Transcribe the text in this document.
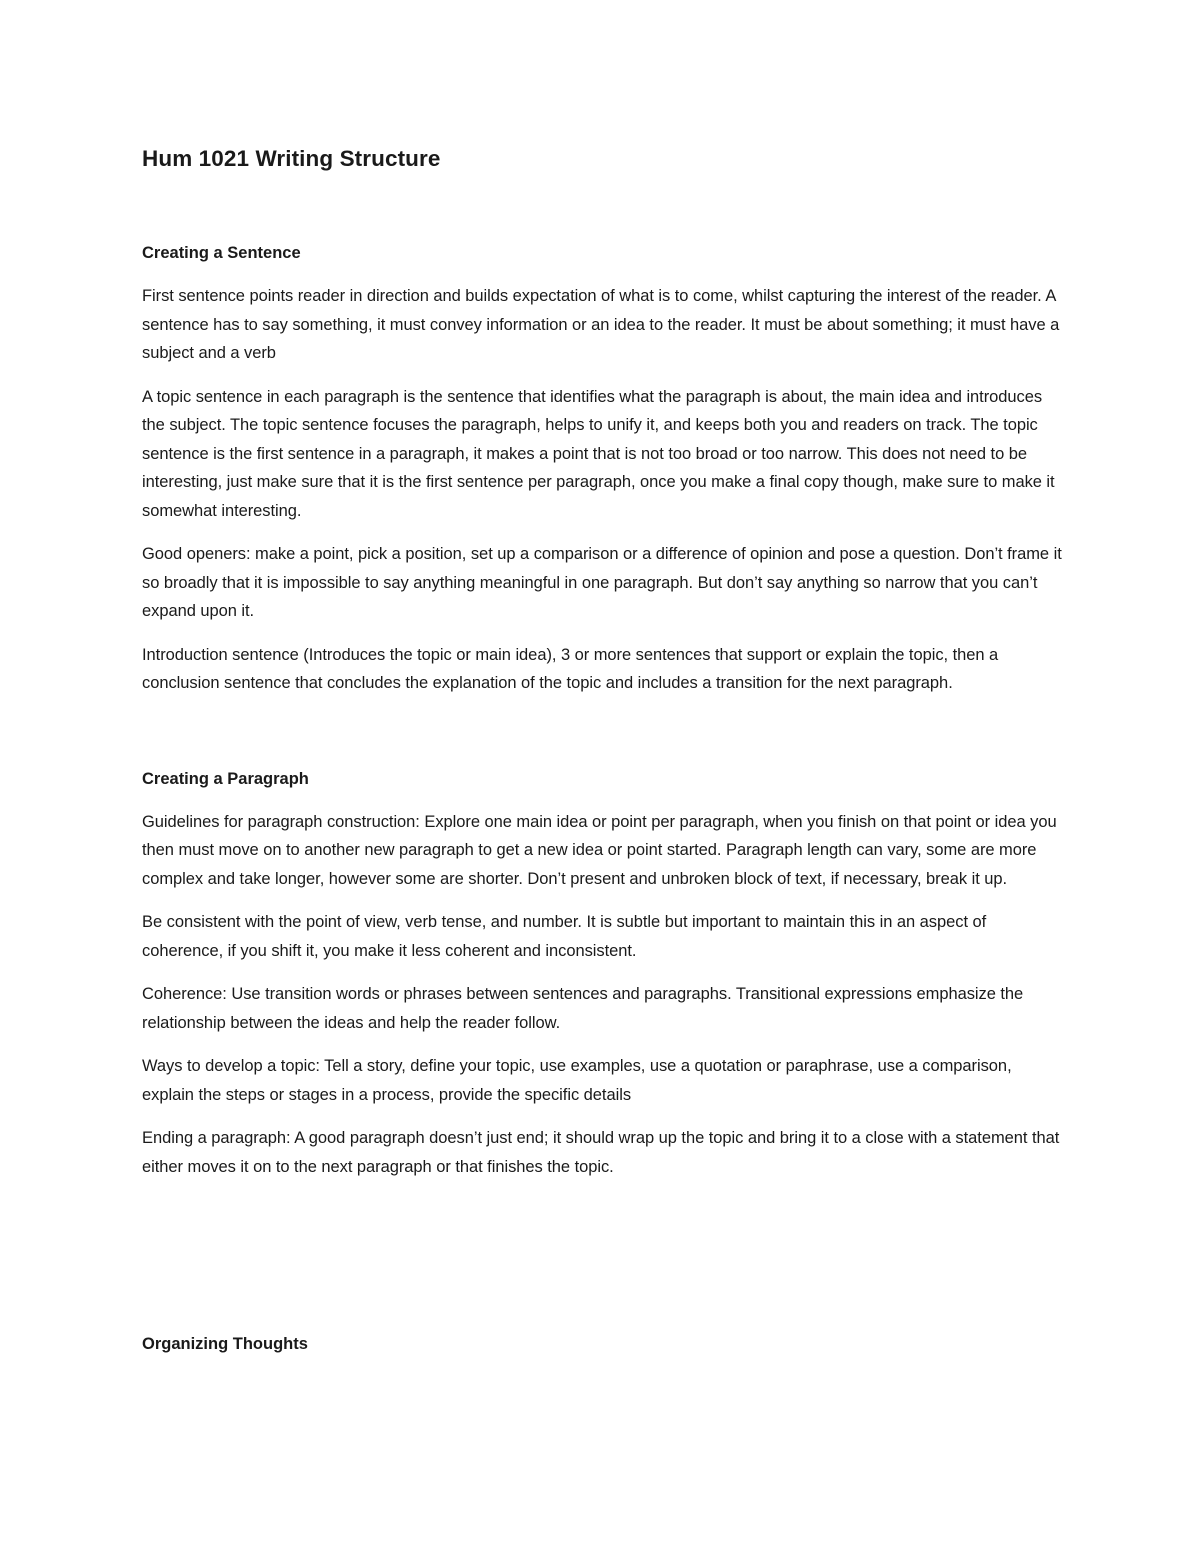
Hum 1021 Writing Structure
Creating a Sentence

First sentence points reader in direction and builds expectation of what is to come, whilst capturing the interest of the reader. A sentence has to say something, it must convey information or an idea to the reader. It must be about something; it must have a subject and a verb

A topic sentence in each paragraph is the sentence that identifies what the paragraph is about, the main idea and introduces the subject. The topic sentence focuses the paragraph, helps to unify it, and keeps both you and readers on track. The topic sentence is the first sentence in a paragraph, it makes a point that is not too broad or too narrow. This does not need to be interesting, just make sure that it is the first sentence per paragraph, once you make a final copy though, make sure to make it somewhat interesting.

Good openers: make a point, pick a position, set up a comparison or a difference of opinion and pose a question. Don’t frame it so broadly that it is impossible to say anything meaningful in one paragraph. But don’t say anything so narrow that you can’t expand upon it.

Introduction sentence (Introduces the topic or main idea), 3 or more sentences that support or explain the topic, then a conclusion sentence that concludes the explanation of the topic and includes a transition for the next paragraph.

Creating a Paragraph

Guidelines for paragraph construction: Explore one main idea or point per paragraph, when you finish on that point or idea you then must move on to another new paragraph to get a new idea or point started. Paragraph length can vary, some are more complex and take longer, however some are shorter. Don’t present and unbroken block of text, if necessary, break it up.

Be consistent with the point of view, verb tense, and number. It is subtle but important to maintain this in an aspect of coherence, if you shift it, you make it less coherent and inconsistent.

Coherence: Use transition words or phrases between sentences and paragraphs. Transitional expressions emphasize the relationship between the ideas and help the reader follow.

Ways to develop a topic: Tell a story, define your topic, use examples, use a quotation or paraphrase, use a comparison, explain the steps or stages in a process, provide the specific details

Ending a paragraph: A good paragraph doesn’t just end; it should wrap up the topic and bring it to a close with a statement that either moves it on to the next paragraph or that finishes the topic.

Organizing Thoughts
